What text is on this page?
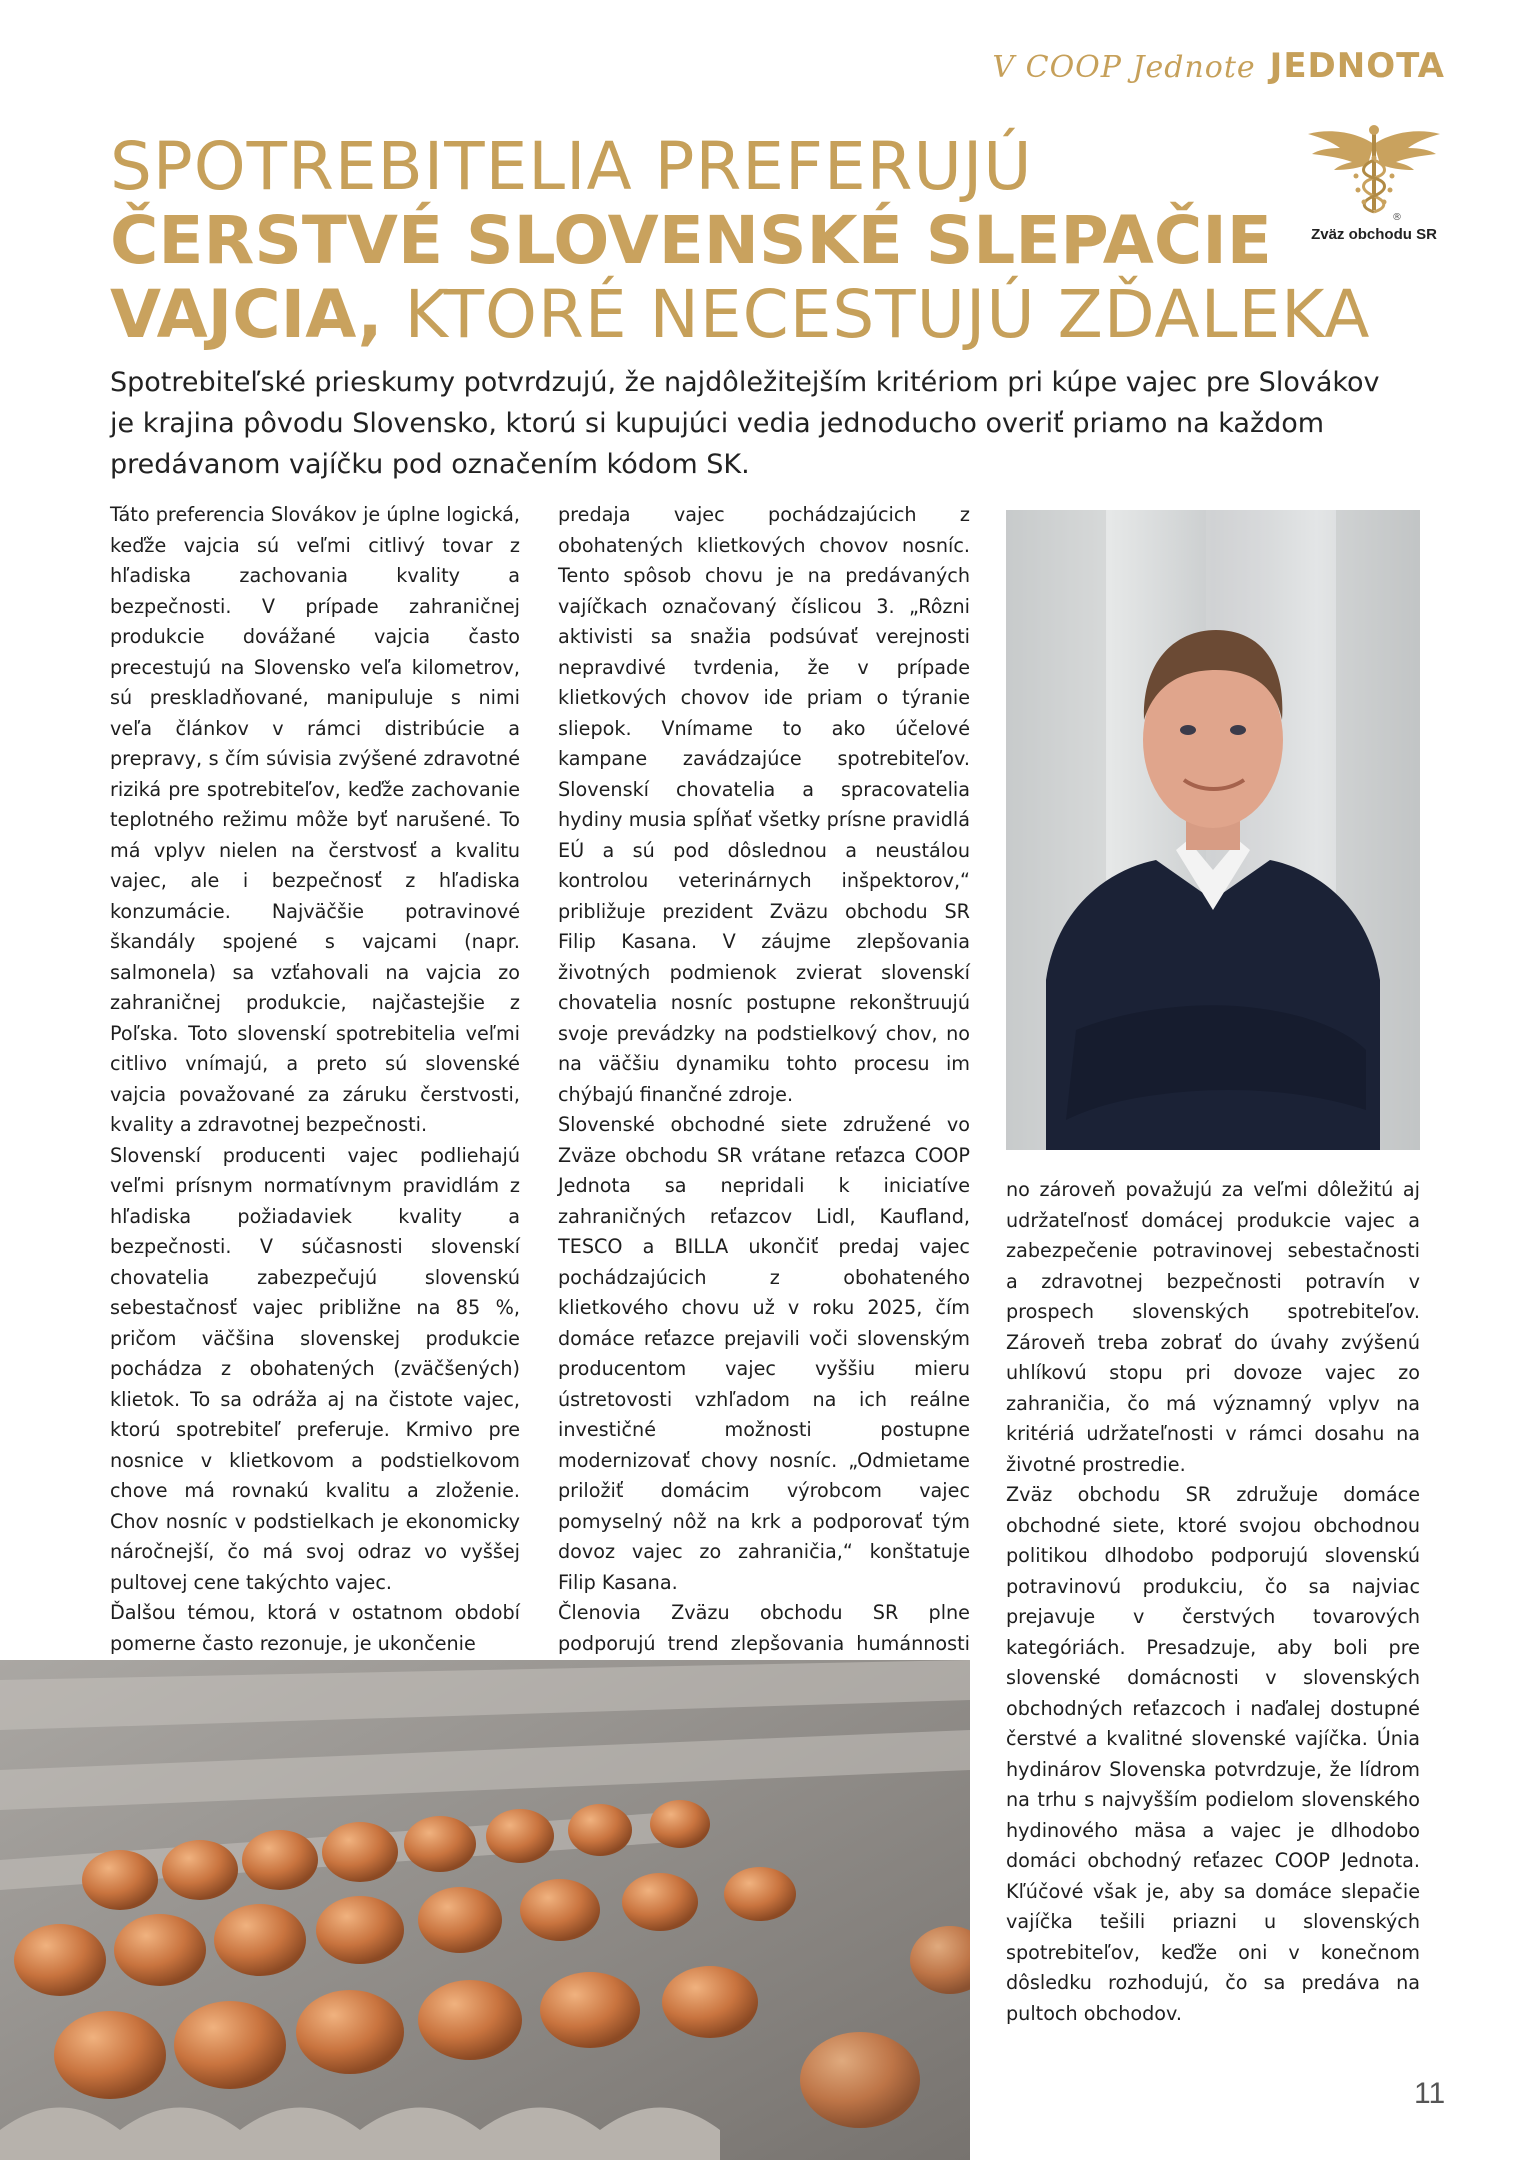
V COOP Jednote JEDNOTA
SPOTREBITELIA PREFERUJÚ
ČERSTVÉ SLOVENSKÉ SLEPAČIE
VAJCIA, KTORÉ NECESTUJÚ ZĎALEKA
®
Zväz obchodu SR

Spotrebiteľské prieskumy potvrdzujú, že najdôležitejším kritériom pri kúpe vajec pre Slovákov je krajina pôvodu Slovensko, ktorú si kupujúci vedia jednoducho overiť priamo na každom predávanom vajíčku pod označením kódom SK.

Táto preferencia Slovákov je úplne logická, keďže vajcia sú veľmi citlivý tovar z hľadiska zachovania kvality a bezpečnosti. V prípade zahraničnej produkcie dovážané vajcia často precestujú na Slovensko veľa kilometrov, sú preskladňované, manipuluje s nimi veľa článkov v rámci distribúcie a prepravy, s čím súvisia zvýšené zdravotné riziká pre spotrebiteľov, keďže zachovanie teplotného režimu môže byť narušené. To má vplyv nielen na čerstvosť a kvalitu vajec, ale i bezpečnosť z hľadiska konzumácie. Najväčšie potravinové škandály spojené s vajcami (napr. salmonela) sa vzťahovali na vajcia zo zahraničnej produkcie, najčastejšie z Poľska. Toto slovenskí spotrebitelia veľmi citlivo vnímajú, a preto sú slovenské vajcia považované za záruku čerstvosti, kvality a zdravotnej bezpečnosti.

Slovenskí producenti vajec podliehajú veľmi prísnym normatívnym pravidlám z hľadiska požiadaviek kvality a bezpečnosti. V súčasnosti slovenskí chovatelia zabezpečujú slovenskú sebestačnosť vajec približne na 85 %, pričom väčšina slovenskej produkcie pochádza z obohatených (zväčšených) klietok. To sa odráža aj na čistote vajec, ktorú spotrebiteľ preferuje. Krmivo pre nosnice v klietkovom a podstielkovom chove má rovnakú kvalitu a zloženie. Chov nosníc v podstielkach je ekonomicky náročnejší, čo má svoj odraz vo vyššej pultovej cene takýchto vajec.

Ďalšou témou, ktorá v ostatnom období pomerne často rezonuje, je ukončenie

predaja vajec pochádzajúcich z obohatených klietkových chovov nosníc. Tento spôsob chovu je na predávaných vajíčkach označovaný číslicou 3. „Rôzni aktivisti sa snažia podsúvať verejnosti nepravdivé tvrdenia, že v prípade klietkových chovov ide priam o týranie sliepok. Vnímame to ako účelové kampane zavádzajúce spotrebiteľov. Slovenskí chovatelia a spracovatelia hydiny musia spĺňať všetky prísne pravidlá EÚ a sú pod dôslednou a neustálou kontrolou veterinárnych inšpektorov,“ približuje prezident Zväzu obchodu SR Filip Kasana. V záujme zlepšovania životných podmienok zvierat slovenskí chovatelia nosníc postupne rekonštruujú svoje prevádzky na podstielkový chov, no na väčšiu dynamiku tohto procesu im chýbajú finančné zdroje.

Slovenské obchodné siete združené vo Zväze obchodu SR vrátane reťazca COOP Jednota sa nepridali k iniciatíve zahraničných reťazcov Lidl, Kaufland, TESCO a BILLA ukončiť predaj vajec pochádzajúcich z obohateného klietkového chovu už v roku 2025, čím domáce reťazce prejavili voči slovenským producentom vajec vyššiu mieru ústretovosti vzhľadom na ich reálne investičné možnosti postupne modernizovať chovy nosníc. „Odmietame priložiť domácim výrobcom vajec pomyselný nôž na krk a podporovať tým dovoz vajec zo zahraničia,“ konštatuje Filip Kasana.

Členovia Zväzu obchodu SR plne podporujú trend zlepšovania humánnosti

no zároveň považujú za veľmi dôležitú aj udržateľnosť domácej produkcie vajec a zabezpečenie potravinovej sebestačnosti a zdravotnej bezpečnosti potravín v prospech slovenských spotrebiteľov. Zároveň treba zobrať do úvahy zvýšenú uhlíkovú stopu pri dovoze vajec zo zahraničia, čo má významný vplyv na kritériá udržateľnosti v rámci dosahu na životné prostredie.

Zväz obchodu SR združuje domáce obchodné siete, ktoré svojou obchodnou politikou dlhodobo podporujú slovenskú potravinovú produkciu, čo sa najviac prejavuje v čerstvých tovarových kategóriách. Presadzuje, aby boli pre slovenské domácnosti v slovenských obchodných reťazcoch i naďalej dostupné čerstvé a kvalitné slovenské vajíčka. Únia hydinárov Slovenska potvrdzuje, že lídrom na trhu s najvyšším podielom slovenského hydinového mäsa a vajec je dlhodobo domáci obchodný reťazec COOP Jednota. Kľúčové však je, aby sa domáce slepačie vajíčka tešili priazni u slovenských spotrebiteľov, keďže oni v konečnom dôsledku rozhodujú, čo sa predáva na pultoch obchodov.

11
